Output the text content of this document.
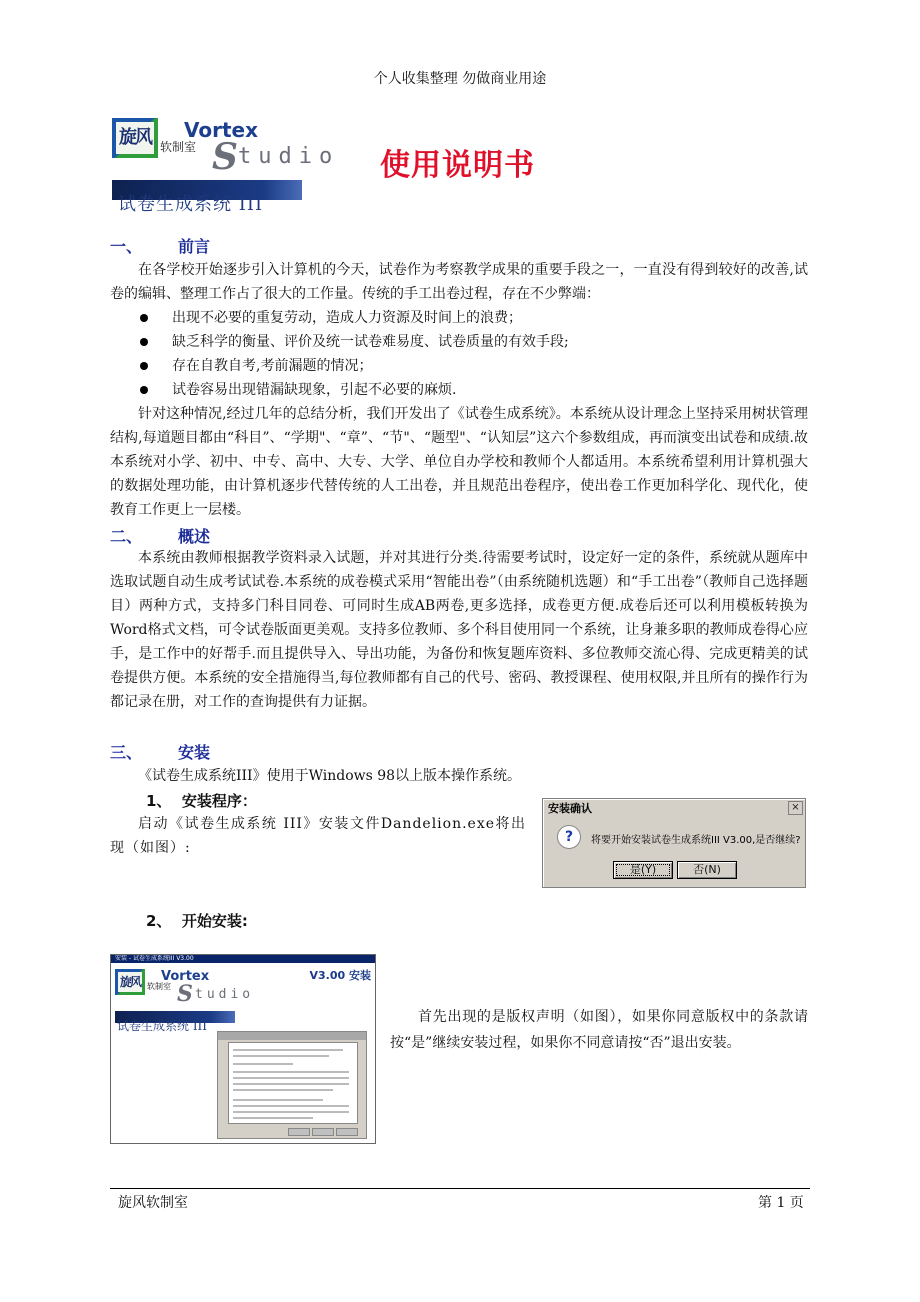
个人收集整理 勿做商业用途
旋风 软制室
Vortex
S tudio
试卷生成系统 III
使用说明书
一、 前言
在各学校开始逐步引入计算机的今天，试卷作为考察教学成果的重要手段之一，一直没有得到较好的改善,试卷的编辑、整理工作占了很大的工作量。传统的手工出卷过程，存在不少弊端：
出现不必要的重复劳动，造成人力资源及时间上的浪费；
缺乏科学的衡量、评价及统一试卷难易度、试卷质量的有效手段;
存在自教自考,考前漏题的情况；
试卷容易出现错漏缺现象，引起不必要的麻烦.
针对这种情况,经过几年的总结分析，我们开发出了《试卷生成系统》。本系统从设计理念上坚持采用树状管理结构,每道题目都由“科目”、“学期"、“章”、“节"、“题型"、“认知层”这六个参数组成，再而演变出试卷和成绩.故本系统对小学、初中、中专、高中、大专、大学、单位自办学校和教师个人都适用。本系统希望利用计算机强大的数据处理功能，由计算机逐步代替传统的人工出卷，并且规范出卷程序，使出卷工作更加科学化、现代化，使教育工作更上一层楼。
二、 概述
本系统由教师根据教学资料录入试题，并对其进行分类.待需要考试时，设定好一定的条件，系统就从题库中选取试题自动生成考试试卷.本系统的成卷模式采用“智能出卷”（由系统随机选题）和“手工出卷”（教师自己选择题目）两种方式，支持多门科目同卷、可同时生成AB两卷,更多选择，成卷更方便.成卷后还可以利用模板转换为Word格式文档，可令试卷版面更美观。支持多位教师、多个科目使用同一个系统，让身兼多职的教师成卷得心应手，是工作中的好帮手.而且提供导入、导出功能，为备份和恢复题库资料、多位教师交流心得、完成更精美的试卷提供方便。本系统的安全措施得当,每位教师都有自己的代号、密码、教授课程、使用权限,并且所有的操作行为都记录在册，对工作的查询提供有力证据。
三、 安装
《试卷生成系统III》使用于Windows 98以上版本操作系统。
1、 安装程序：
启动《试卷生成系统 III》安装文件Dandelion.exe将出现（如图）:
安装确认	×
?	将要开始安装试卷生成系统III V3.00,是否继续?
是(Y)	否(N)
2、 开始安装:
安装 - 试卷生成系统III V3.00
V3.00 安装
旋风 软制室
Vortex
S tudio
试卷生成系统 III
首先出现的是版权声明（如图），如果你同意版权中的条款请按“是”继续安装过程，如果你不同意请按“否”退出安装。
旋风软制室	第 1 页
